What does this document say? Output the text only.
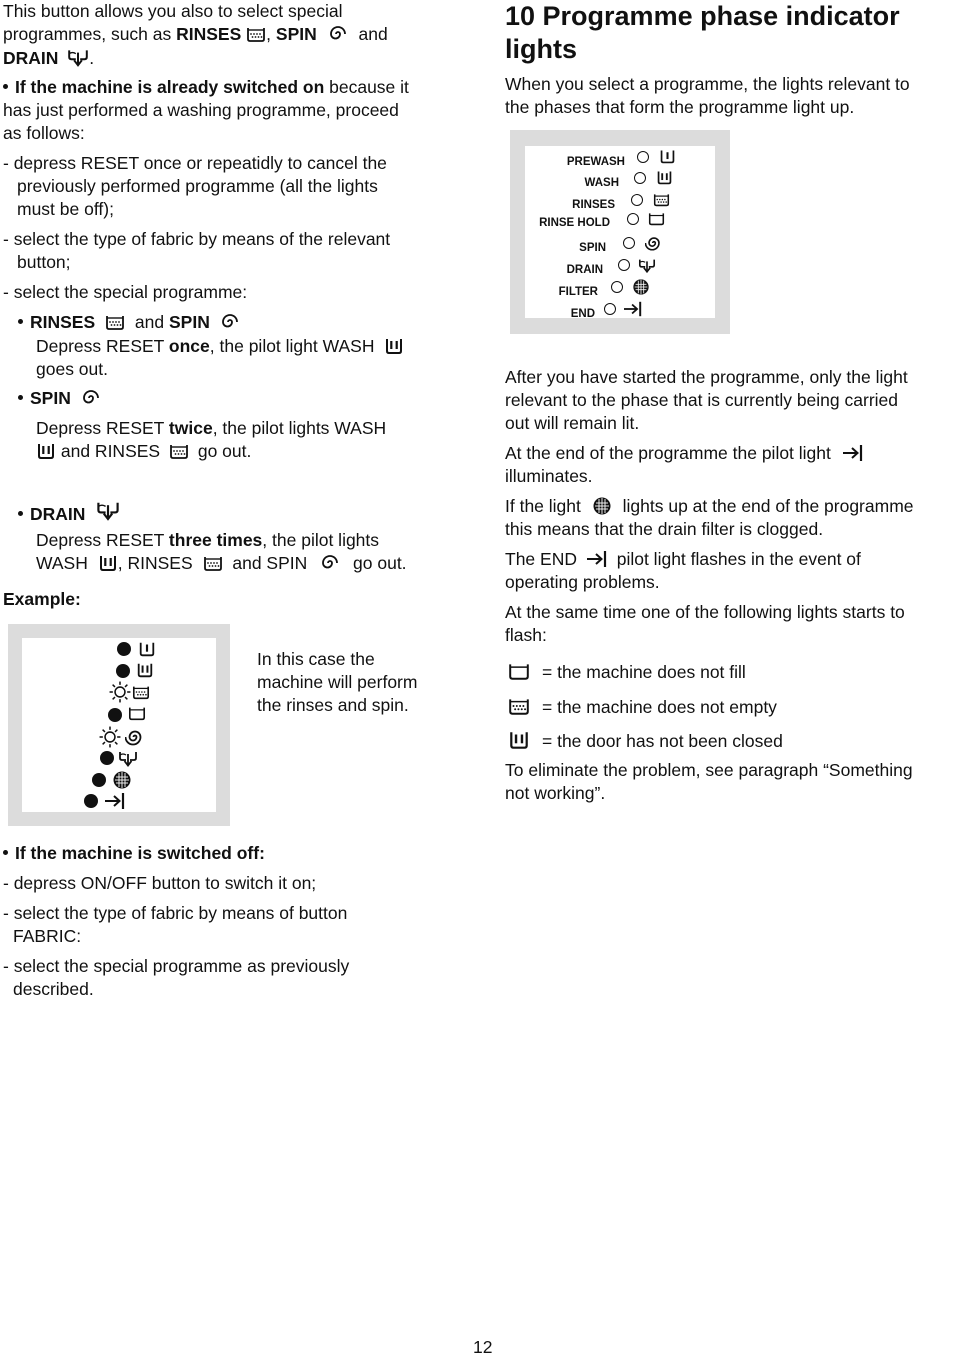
This button allows you also to select special
programmes, such as RINSES , SPIN and
DRAIN .
If the machine is already switched on because it
has just performed a washing programme, proceed
as follows:
- depress RESET once or repeatidly to cancel the
previously performed programme (all the lights
must be off);
- select the type of fabric by means of the relevant
button;
- select the special programme:
RINSES and SPIN
Depress RESET once, the pilot light WASH
goes out.
SPIN
Depress RESET twice, the pilot lights WASH
and RINSES go out.
DRAIN
Depress RESET three times, the pilot lights
WASH , RINSES and SPIN	go out.
Example:
In this case the
machine will perform
the rinses and spin.
If the machine is switched off:
- depress ON/OFF button to switch it on;
- select the type of fabric by means of button
FABRIC:
- select the special programme as previously
described.
10 Programme phase indicator
lights
When you select a programme, the lights relevant to
the phases that form the programme light up.
PREWASH
WASH
RINSES
RINSE HOLD
SPIN
DRAIN
FILTER
END
After you have started the programme, only the light
relevant to the phase that is currently being carried
out will remain lit.
At the end of the programme the pilot light
illuminates.
If the light lights up at the end of the programme
this means that the drain filter is clogged.
The END pilot light flashes in the event of
operating problems.
At the same time one of the following lights starts to
flash:
= the machine does not fill
= the machine does not empty
= the door has not been closed
To eliminate the problem, see paragraph “Something
not working”.
12
